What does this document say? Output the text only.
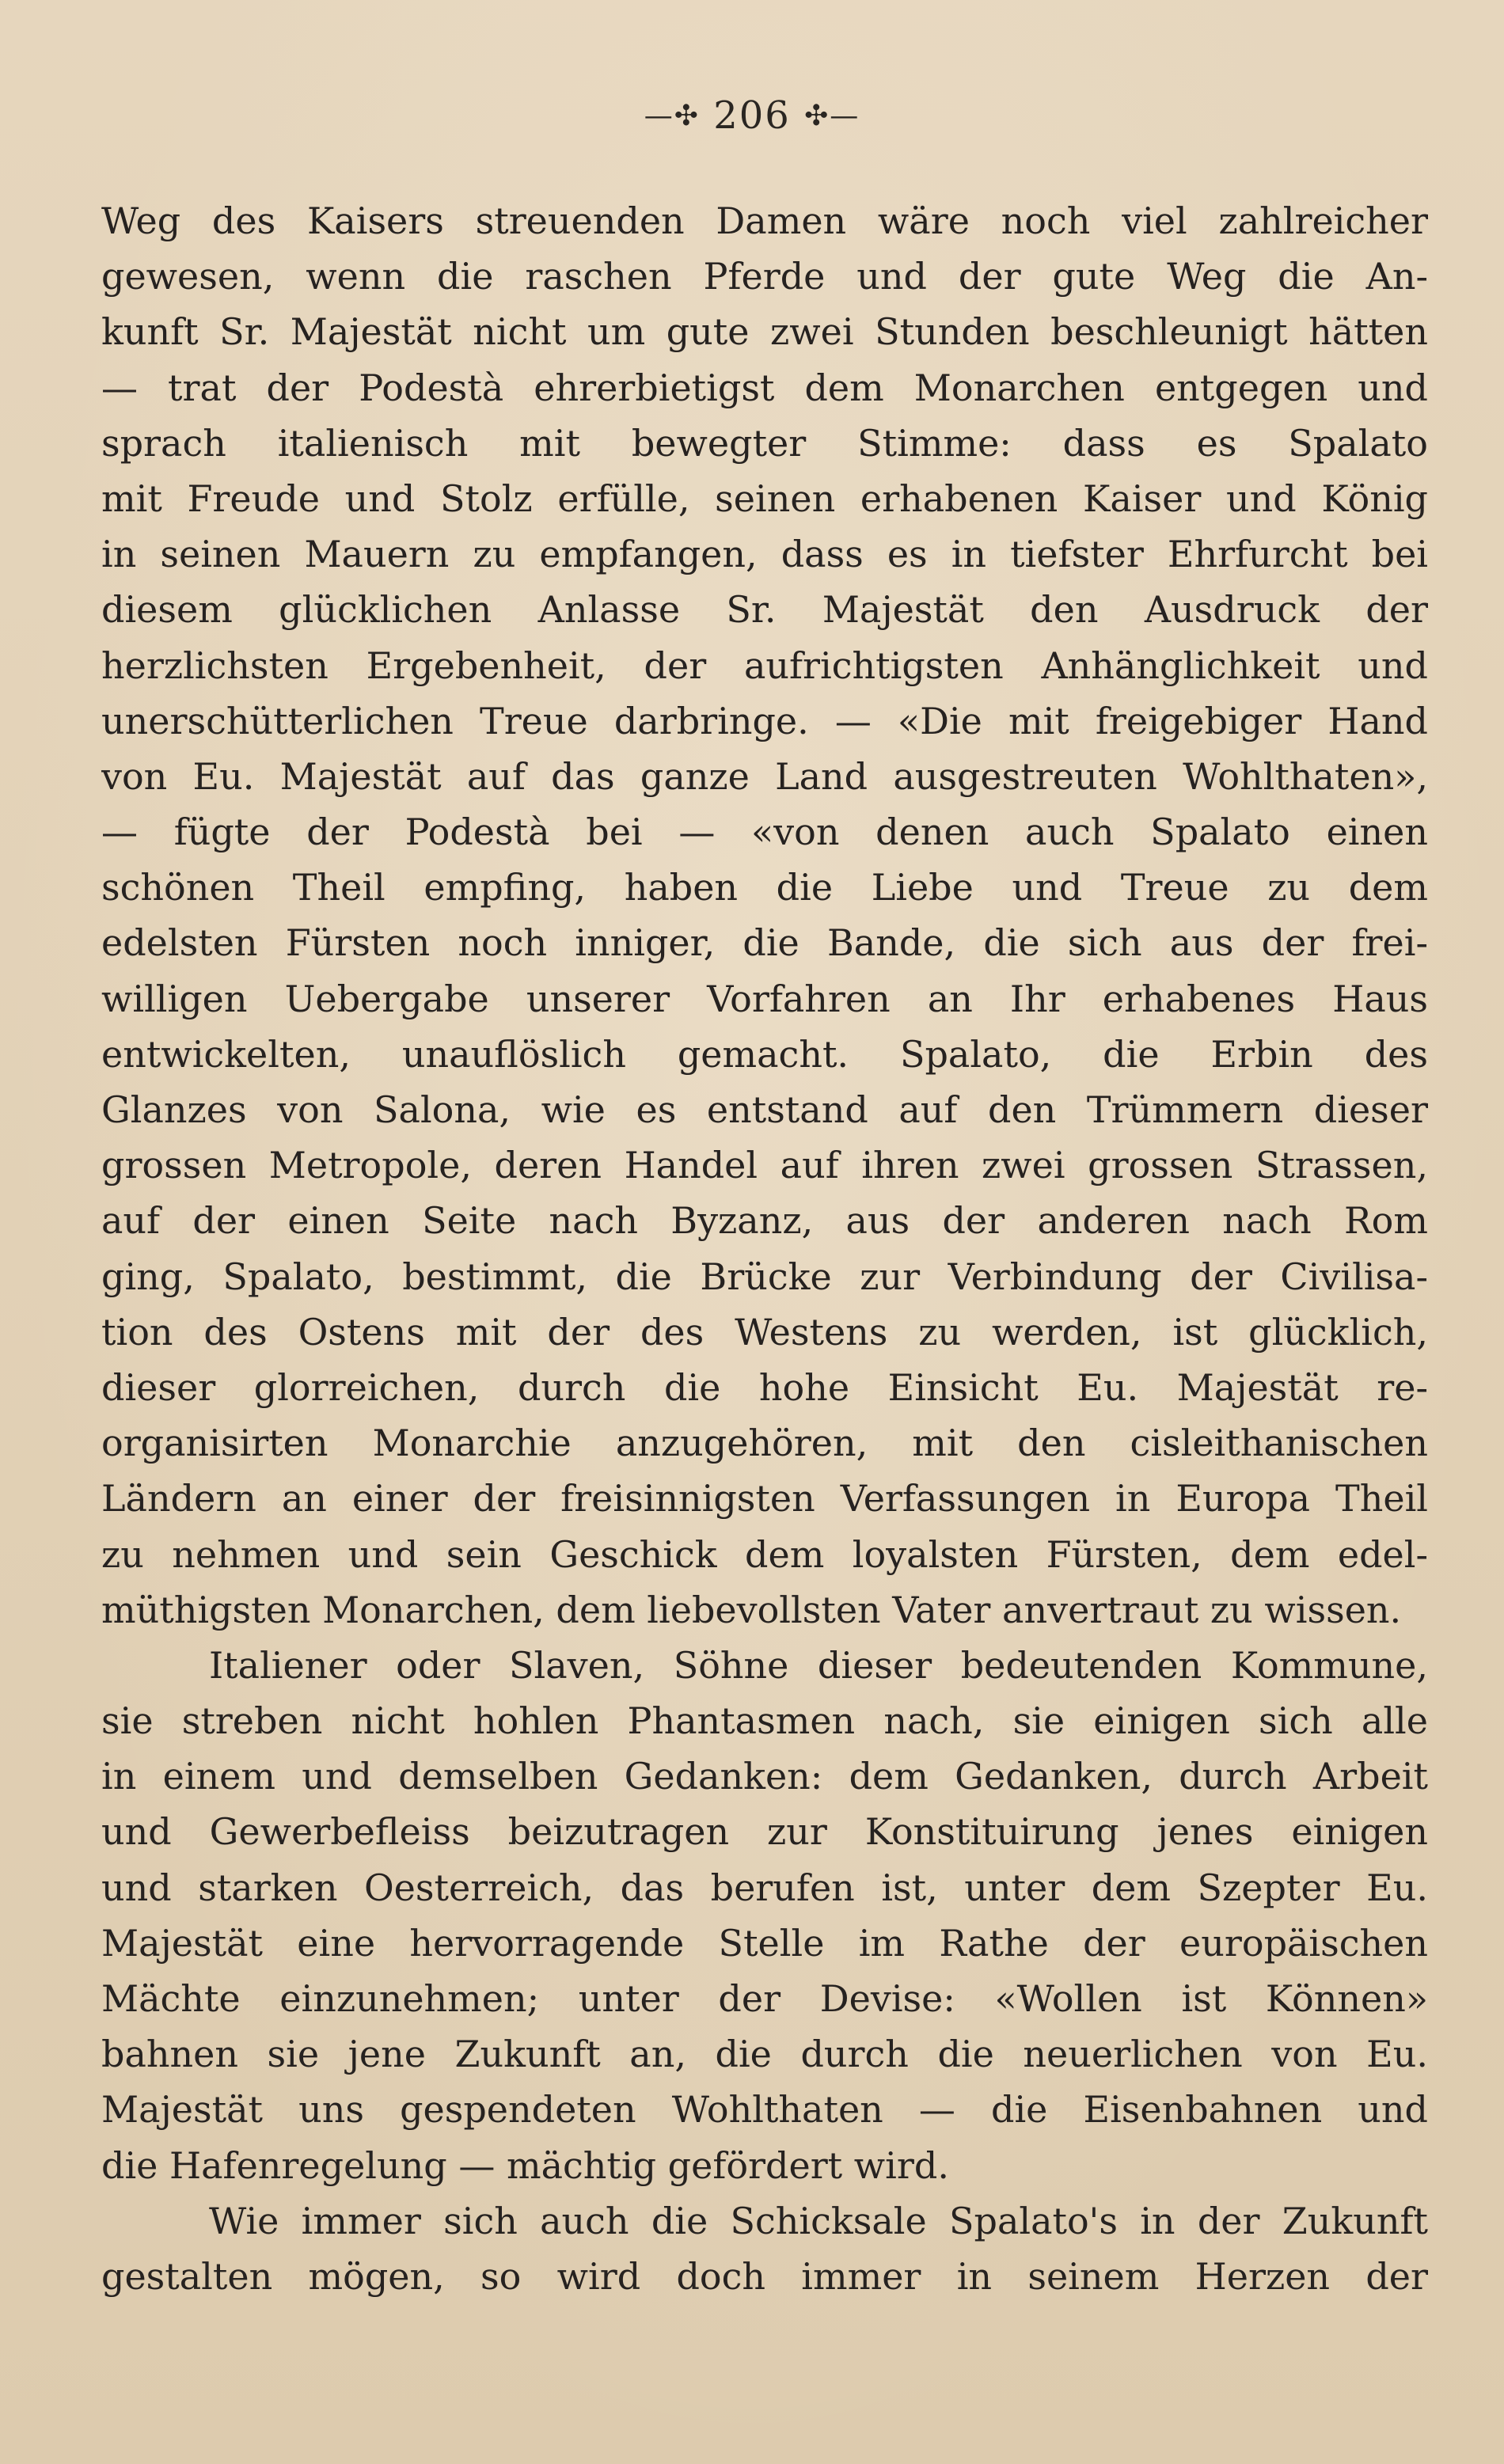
—✣ 206 ✣—
Weg des Kaisers streuenden Damen wäre noch viel zahlreicher
gewesen, wenn die raschen Pferde und der gute Weg die An-
kunft Sr. Majestät nicht um gute zwei Stunden beschleunigt hätten
— trat der Podestà ehrerbietigst dem Monarchen entgegen und
sprach italienisch mit bewegter Stimme: dass es Spalato
mit Freude und Stolz erfülle, seinen erhabenen Kaiser und König
in seinen Mauern zu empfangen, dass es in tiefster Ehrfurcht bei
diesem glücklichen Anlasse Sr. Majestät den Ausdruck der
herzlichsten Ergebenheit, der aufrichtigsten Anhänglichkeit und
unerschütterlichen Treue darbringe. — «Die mit freigebiger Hand
von Eu. Majestät auf das ganze Land ausgestreuten Wohlthaten»,
— fügte der Podestà bei — «von denen auch Spalato einen
schönen Theil empfing, haben die Liebe und Treue zu dem
edelsten Fürsten noch inniger, die Bande, die sich aus der frei-
willigen Uebergabe unserer Vorfahren an Ihr erhabenes Haus
entwickelten, unauflöslich gemacht. Spalato, die Erbin des
Glanzes von Salona, wie es entstand auf den Trümmern dieser
grossen Metropole, deren Handel auf ihren zwei grossen Strassen,
auf der einen Seite nach Byzanz, aus der anderen nach Rom
ging, Spalato, bestimmt, die Brücke zur Verbindung der Civilisa-
tion des Ostens mit der des Westens zu werden, ist glücklich,
dieser glorreichen, durch die hohe Einsicht Eu. Majestät re-
organisirten Monarchie anzugehören, mit den cisleithanischen
Ländern an einer der freisinnigsten Verfassungen in Europa Theil
zu nehmen und sein Geschick dem loyalsten Fürsten, dem edel-
müthigsten Monarchen, dem liebevollsten Vater anvertraut zu wissen.
Italiener oder Slaven, Söhne dieser bedeutenden Kommune,
sie streben nicht hohlen Phantasmen nach, sie einigen sich alle
in einem und demselben Gedanken: dem Gedanken, durch Arbeit
und Gewerbefleiss beizutragen zur Konstituirung jenes einigen
und starken Oesterreich, das berufen ist, unter dem Szepter Eu.
Majestät eine hervorragende Stelle im Rathe der europäischen
Mächte einzunehmen; unter der Devise: «Wollen ist Können»
bahnen sie jene Zukunft an, die durch die neuerlichen von Eu.
Majestät uns gespendeten Wohlthaten — die Eisenbahnen und
die Hafenregelung — mächtig gefördert wird.
Wie immer sich auch die Schicksale Spalato's in der Zukunft
gestalten mögen, so wird doch immer in seinem Herzen der
